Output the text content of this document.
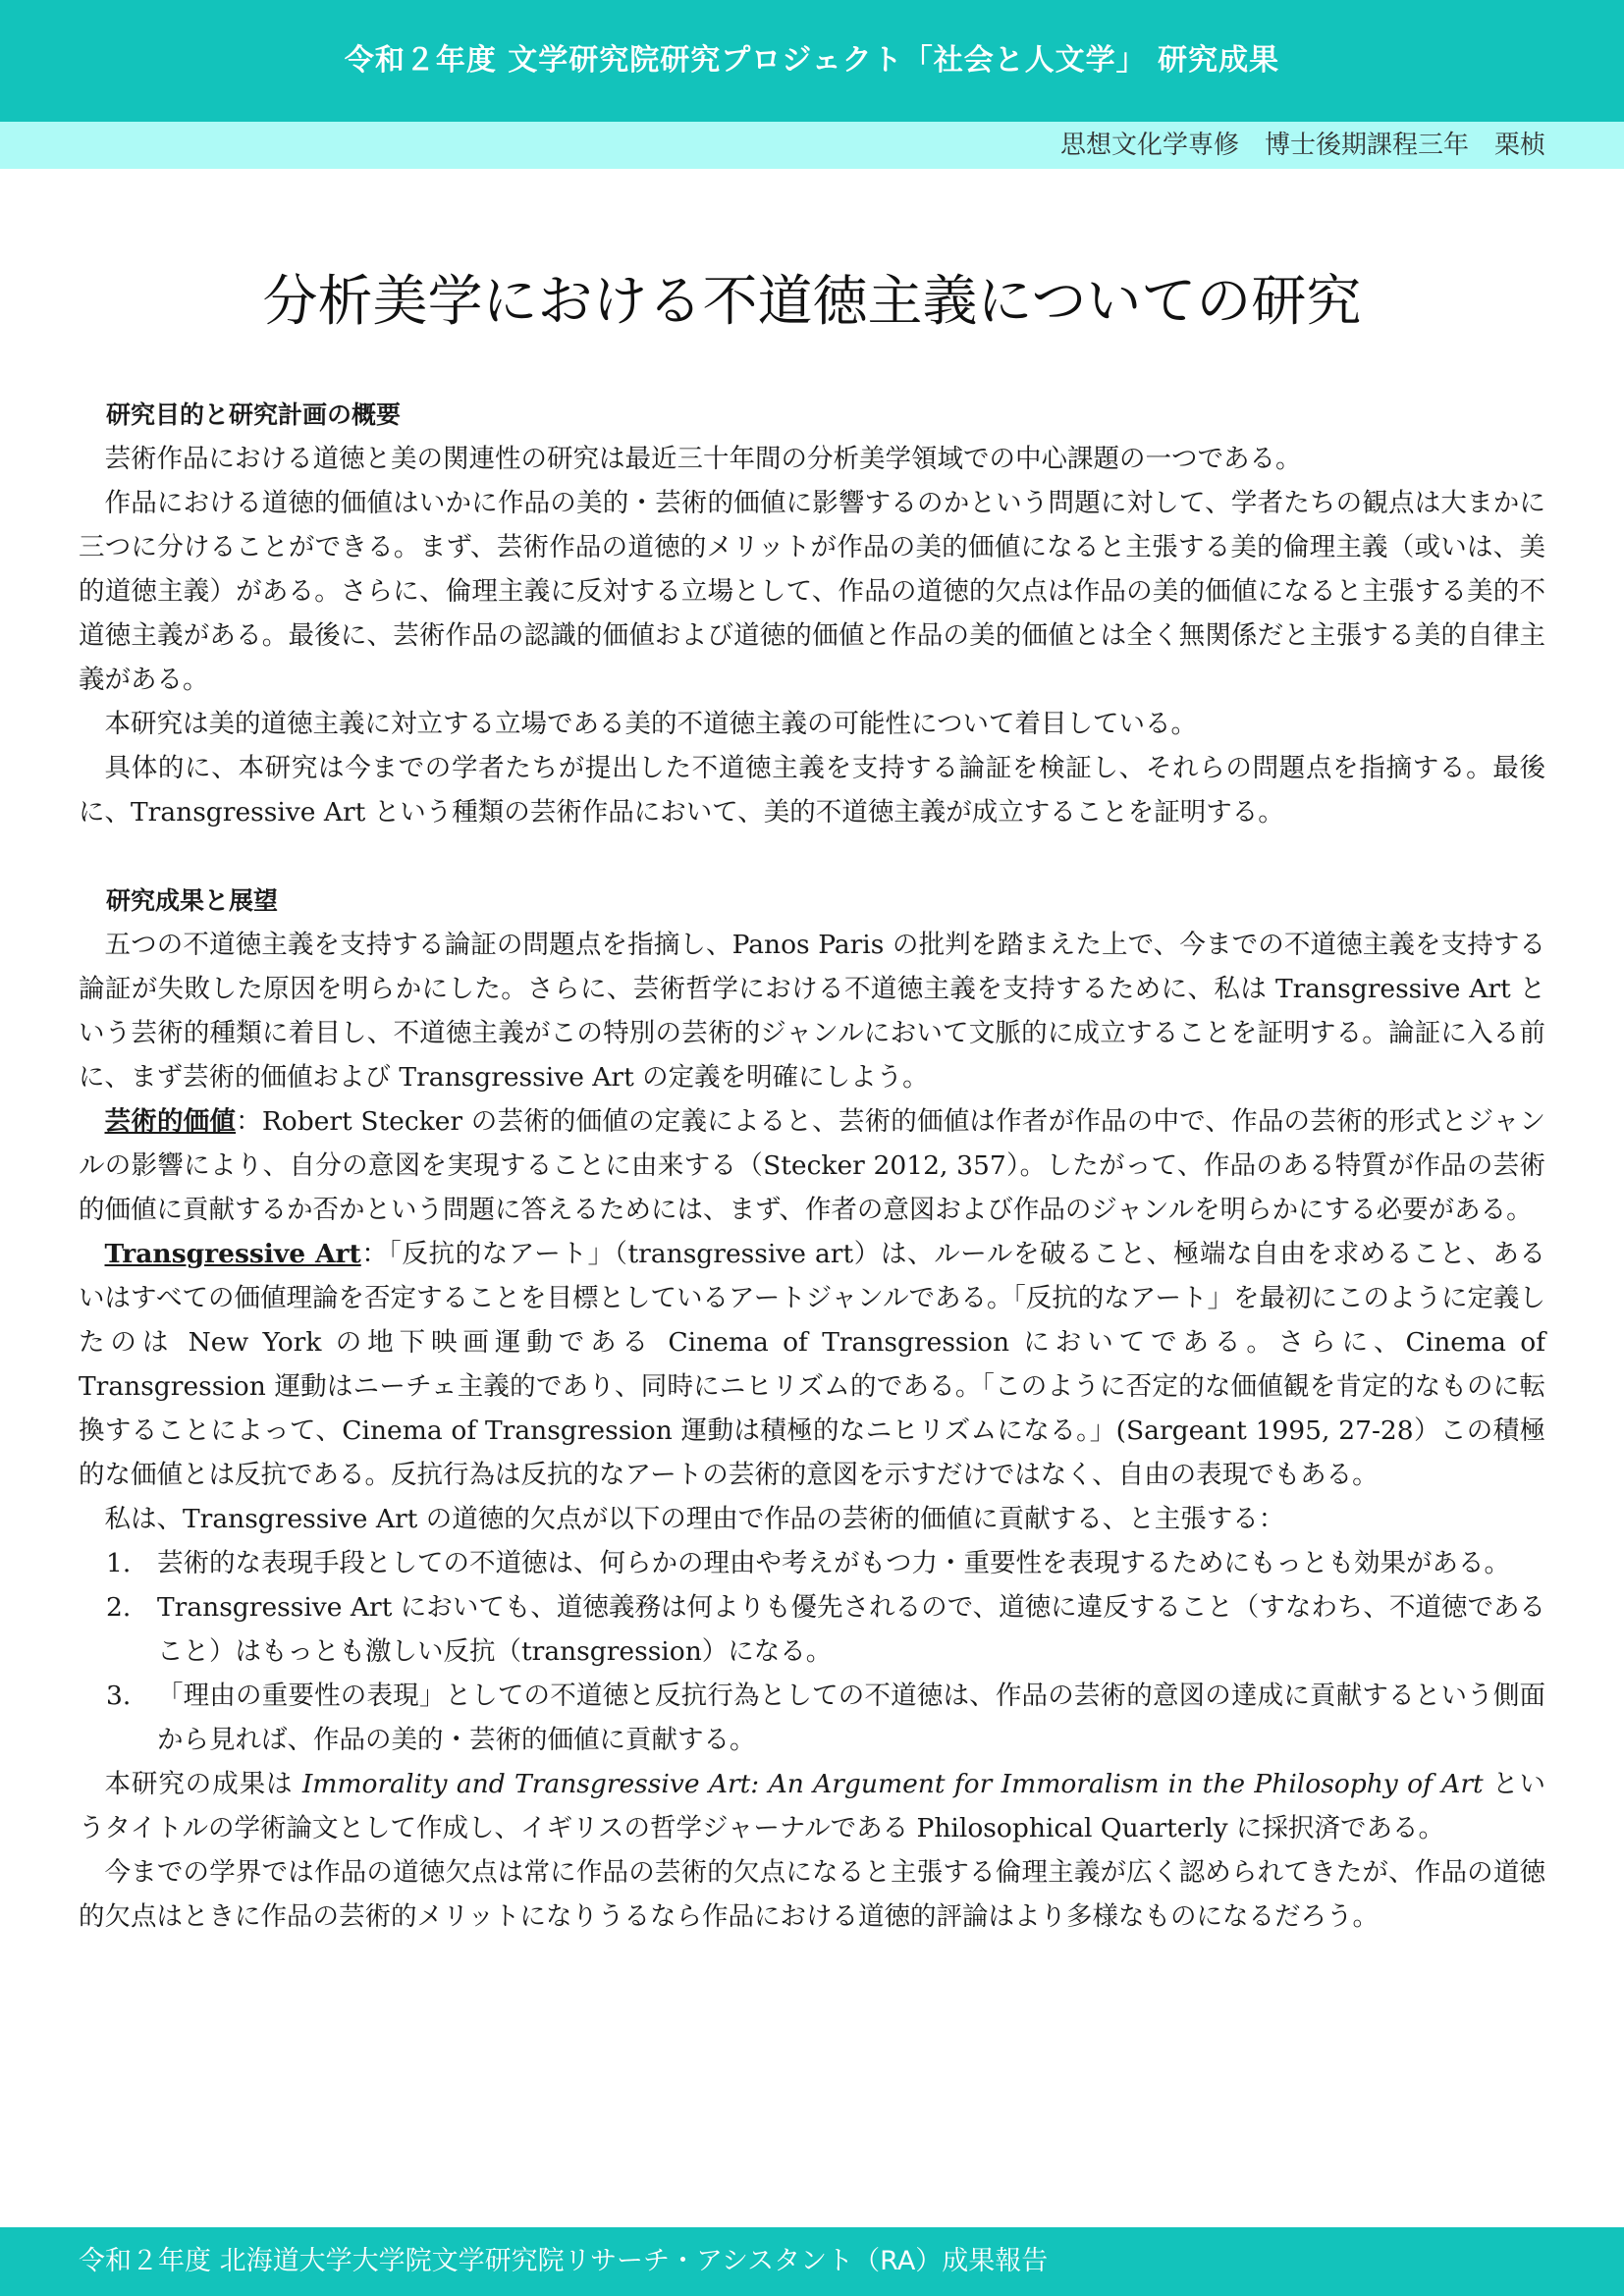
令和２年度 文学研究院研究プロジェクト「社会と人文学」 研究成果
思想文化学専修　博士後期課程三年　栗桢
分析美学における不道徳主義についての研究
研究目的と研究計画の概要

芸術作品における道徳と美の関連性の研究は最近三十年間の分析美学領域での中心課題の一つである。

作品における道徳的価値はいかに作品の美的・芸術的価値に影響するのかという問題に対して、学者たちの観点は大まかに三つに分けることができる。まず、芸術作品の道徳的メリットが作品の美的価値になると主張する美的倫理主義（或いは、美的道徳主義）がある。さらに、倫理主義に反対する立場として、作品の道徳的欠点は作品の美的価値になると主張する美的不道徳主義がある。最後に、芸術作品の認識的価値および道徳的価値と作品の美的価値とは全く無関係だと主張する美的自律主義がある。

本研究は美的道徳主義に対立する立場である美的不道徳主義の可能性について着目している。

具体的に、本研究は今までの学者たちが提出した不道徳主義を支持する論証を検証し、それらの問題点を指摘する。最後に、Transgressive Art という種類の芸術作品において、美的不道徳主義が成立することを証明する。

研究成果と展望

五つの不道徳主義を支持する論証の問題点を指摘し、Panos Paris の批判を踏まえた上で、今までの不道徳主義を支持する論証が失敗した原因を明らかにした。さらに、芸術哲学における不道徳主義を支持するために、私は Transgressive Art という芸術的種類に着目し、不道徳主義がこの特別の芸術的ジャンルにおいて文脈的に成立することを証明する。論証に入る前に、まず芸術的価値および Transgressive Art の定義を明確にしよう。

芸術的価値：Robert Stecker の芸術的価値の定義によると、芸術的価値は作者が作品の中で、作品の芸術的形式とジャンルの影響により、自分の意図を実現することに由来する（Stecker 2012, 357）。したがって、作品のある特質が作品の芸術的価値に貢献するか否かという問題に答えるためには、まず、作者の意図および作品のジャンルを明らかにする必要がある。

Transgressive Art：「反抗的なアート」（transgressive art）は、ルールを破ること、極端な自由を求めること、あるいはすべての価値理論を否定することを目標としているアートジャンルである。「反抗的なアート」を最初にこのように定義したのは New York の地下映画運動である Cinema of Transgression においてである。さらに、Cinema of Transgression 運動はニーチェ主義的であり、同時にニヒリズム的である。「このように否定的な価値観を肯定的なものに転換することによって、Cinema of Transgression 運動は積極的なニヒリズムになる。」(Sargeant 1995, 27-28）この積極的な価値とは反抗である。反抗行為は反抗的なアートの芸術的意図を示すだけではなく、自由の表現でもある。

私は、Transgressive Art の道徳的欠点が以下の理由で作品の芸術的価値に貢献する、と主張する：

1. 芸術的な表現手段としての不道徳は、何らかの理由や考えがもつ力・重要性を表現するためにもっとも効果がある。
2. Transgressive Art においても、道徳義務は何よりも優先されるので、道徳に違反すること（すなわち、不道徳であること）はもっとも激しい反抗（transgression）になる。
3. 「理由の重要性の表現」としての不道徳と反抗行為としての不道徳は、作品の芸術的意図の達成に貢献するという側面から見れば、作品の美的・芸術的価値に貢献する。

本研究の成果は Immorality and Transgressive Art: An Argument for Immoralism in the Philosophy of Art というタイトルの学術論文として作成し、イギリスの哲学ジャーナルである Philosophical Quarterly に採択済である。

今までの学界では作品の道徳欠点は常に作品の芸術的欠点になると主張する倫理主義が広く認められてきたが、作品の道徳的欠点はときに作品の芸術的メリットになりうるなら作品における道徳的評論はより多様なものになるだろう。

令和２年度 北海道大学大学院文学研究院リサーチ・アシスタント（RA）成果報告
